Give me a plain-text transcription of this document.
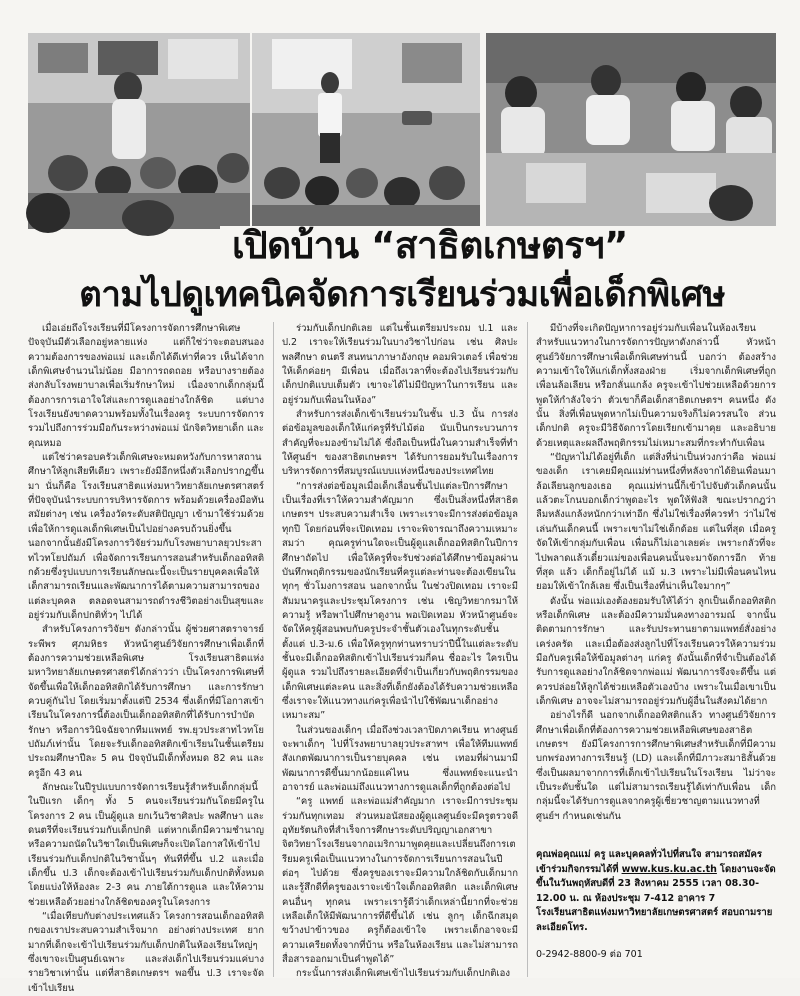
เปิดบ้าน “สาธิตเกษตรฯ”
ตามไปดูเทคนิคจัดการเรียนร่วมเพื่อเด็กพิเศษ

เมื่อเอ่ยถึงโรงเรียนที่มีโครงการจัดการศึกษาพิเศษ ปัจจุบันมีตัวเลือกอยู่หลายแห่ง แต่ก็ใช่ว่าจะตอบสนองความต้องการของพ่อแม่ และเด็กได้ดีเท่าที่ควร เห็นได้จากเด็กพิเศษจำนวนไม่น้อย มีอาการถดถอย หรือบางรายต้องส่งกลับโรงพยาบาลเพื่อเริ่มรักษาใหม่ เนื่องจากเด็กกลุ่มนี้ต้องการการเอาใจใส่และการดูแลอย่างใกล้ชิด แต่บางโรงเรียนยังขาดความพร้อมทั้งในเรื่องครู ระบบการจัดการ รวมไปถึงการร่วมมือกันระหว่างพ่อแม่ นักจิตวิทยาเด็ก และคุณหมอ

แต่ใช่ว่าครอบครัวเด็กพิเศษจะหมดหวังกับการหาสถานศึกษาให้ลูกเสียทีเดียว เพราะยังมีอีกหนึ่งตัวเลือกปรากฏขึ้นมา นั่นก็คือ โรงเรียนสาธิตแห่งมหาวิทยาลัยเกษตรศาสตร์ ที่ปัจจุบันนำระบบการบริหารจัดการ พร้อมด้วยเครื่องมือทันสมัยต่างๆ เช่น เครื่องวัดระดับสติปัญญา เข้ามาใช้ร่วมด้วยเพื่อให้การดูแลเด็กพิเศษเป็นไปอย่างครบถ้วนยิ่งขึ้น นอกจากนั้นยังมีโครงการวิจัยร่วมกับโรงพยาบาลยุวประสาทไวทโยปถัมภ์ เพื่อจัดการเรียนการสอนสำหรับเด็กออทิสติกด้วยซึ่งรูปแบบการเรียนลักษณะนี้จะเป็นรายบุคคลเพื่อให้เด็กสามารถเรียนและพัฒนาการได้ตามความสามารถของแต่ละบุคคล ตลอดจนสามารถดำรงชีวิตอย่างเป็นสุขและอยู่ร่วมกับเด็กปกติทั่วๆ ไปได้

สำหรับโครงการวิจัยฯ ดังกล่าวนั้น ผู้ช่วยศาสตราจารย์ระพีพร ศุภมหิธร หัวหน้าศูนย์วิจัยการศึกษาเพื่อเด็กที่ต้องการความช่วยเหลือพิเศษ โรงเรียนสาธิตแห่งมหาวิทยาลัยเกษตรศาสตร์ได้กล่าวว่า เป็นโครงการพิเศษที่จัดขึ้นเพื่อให้เด็กออทิสติกได้รับการศึกษา และการรักษาควบคู่กันไป โดยเริ่มมาตั้งแต่ปี 2534 ซึ่งเด็กที่มีโอกาสเข้าเรียนในโครงการนี้ต้องเป็นเด็กออทิสติกที่ได้รับการบำบัดรักษา หรือการวินิจฉัยจากทีมแพทย์ รพ.ยุวประสาทไวทโยปถัมภ์เท่านั้น โดยจะรับเด็กออทิสติกเข้าเรียนในชั้นเตรียมประถมศึกษาปีละ 5 คน ปัจจุบันมีเด็กทั้งหมด 82 คน และครูอีก 43 คน

ลักษณะในปีรูปแบบการจัดการเรียนรู้สำหรับเด็กกลุ่มนี้ในปีแรก เด็กๆ ทั้ง 5 คนจะเรียนร่วมกันโดยมีครูในโครงการ 2 คน เป็นผู้ดูแล ยกเว้นวิชาศิลปะ พลศึกษา และดนตรีที่จะเรียนร่วมกับเด็กปกติ แต่หากเด็กมีความชำนาญหรือความถนัดในวิชาใดเป็นพิเศษก็จะเปิดโอกาสให้เข้าไปเรียนร่วมกับเด็กปกติในวิชานั้นๆ ทันทีที่ขึ้น ป.2 และเมื่อเด็กขึ้น ป.3 เด็กจะต้องเข้าไปเรียนร่วมกับเด็กปกติทั้งหมด โดยแบ่งให้ห้องละ 2-3 คน ภายใต้การดูแล และให้ความช่วยเหลือด้วยอย่างใกล้ชิดของครูในโครงการ

“เมื่อเทียบกับต่างประเทศแล้ว โครงการสอนเด็กออทิสติกของเราประสบความสำเร็จมาก อย่างต่างประเทศ ยากมากที่เด็กจะเข้าไปเรียนร่วมกับเด็กปกติในห้องเรียนใหญ่ๆ ซึ่งเขาจะเป็นศูนย์เฉพาะ และส่งเด็กไปเรียนร่วมแค่บางรายวิชาเท่านั้น แต่ที่สาธิตเกษตรฯ พอขึ้น ป.3 เราจะจัดเข้าไปเรียน

ร่วมกับเด็กปกติเลย แต่ในชั้นเตรียมประถม ป.1 และ ป.2 เราจะให้เรียนร่วมในบางวิชาไปก่อน เช่น ศิลปะ พลศึกษา ดนตรี สนทนาภาษาอังกฤษ คอมพิวเตอร์ เพื่อช่วยให้เด็กค่อยๆ มีเพื่อน เมื่อถึงเวลาที่จะต้องไปเรียนร่วมกับเด็กปกติแบบเต็มตัว เขาจะได้ไม่มีปัญหาในการเรียน และอยู่ร่วมกับเพื่อนในห้อง”

สำหรับการส่งเด็กเข้าเรียนร่วมในชั้น ป.3 นั้น การส่งต่อข้อมูลของเด็กให้แก่ครูที่รับไม้ต่อ นับเป็นกระบวนการสำคัญที่จะมองข้ามไม่ได้ ซึ่งถือเป็นหนึ่งในความสำเร็จที่ทำให้ศูนย์ฯ ของสาธิตเกษตรฯ ได้รับการยอมรับในเรื่องการบริหารจัดการที่สมบูรณ์แบบแห่งหนึ่งของประเทศไทย

“การส่งต่อข้อมูลเมื่อเด็กเลื่อนชั้นไปแต่ละปีการศึกษาเป็นเรื่องที่เราให้ความสำคัญมาก ซึ่งเป็นสิ่งหนึ่งที่สาธิตเกษตรฯ ประสบความสำเร็จ เพราะเราจะมีการส่งต่อข้อมูลทุกปี โดยก่อนที่จะเปิดเทอม เราจะพิจารณาถึงความเหมาะสมว่า คุณครูท่านใดจะเป็นผู้ดูแลเด็กออทิสติกในปีการศึกษาถัดไป เพื่อให้ครูที่จะรับช่วงต่อได้ศึกษาข้อมูลผ่านบันทึกพฤติกรรมของนักเรียนที่ครูแต่ละท่านจะต้องเขียนในทุกๆ ชั่วโมงการสอน นอกจากนั้น ในช่วงปิดเทอม เราจะมีสัมมนาครูและประชุมโครงการ เช่น เชิญวิทยากรมาให้ความรู้ หรือพาไปศึกษาดูงาน พอเปิดเทอม หัวหน้าศูนย์จะจัดให้ครูผู้สอนพบกับครูประจำชั้นตัวเองในทุกระดับชั้นตั้งแต่ ป.3-ม.6 เพื่อให้ครูทุกท่านทราบว่าปีนี้ในแต่ละระดับชั้นจะมีเด็กออทิสติกเข้าไปเรียนร่วมกี่คน ชื่ออะไร ใครเป็นผู้ดูแล รวมไปถึงรายละเอียดที่จำเป็นเกี่ยวกับพฤติกรรมของเด็กพิเศษแต่ละคน และสิ่งที่เด็กยังต้องได้รับความช่วยเหลือ ซึ่งเราจะให้แนวทางแก่ครูเพื่อนำไปใช้พัฒนาเด็กอย่างเหมาะสม”

ในส่วนของเด็กๆ เมื่อถึงช่วงเวลาปิดภาคเรียน ทางศูนย์จะพาเด็กๆ ไปที่โรงพยาบาลยุวประสาทฯ เพื่อให้ทีมแพทย์สังเกตพัฒนาการเป็นรายบุคคล เช่น เทอมที่ผ่านมามีพัฒนาการดีขึ้นมากน้อยแค่ไหน ซึ่งแพทย์จะแนะนำอาจารย์ และพ่อแม่ถึงแนวทางการดูแลเด็กที่ถูกต้องต่อไป

“ครู แพทย์ และพ่อแม่สำคัญมาก เราจะมีการประชุมร่วมกันทุกเทอม ส่วนหมอนัสยองผู้ดูแลศูนย์จะมีครูตรวจดี อุทัยรัตนกิจที่สำเร็จการศึกษาระดับปริญญาเอกสาขาจิตวิทยาโรงเรียนจากอเมริกามาพูดคุยและเปลี่ยนถึงการเตรียมครูเพื่อเป็นแนวทางในการจัดการเรียนการสอนในปีต่อๆ ไปด้วย ซึ่งครูของเราจะมีความใกล้ชิดกับเด็กมาก และรู้สึกดีที่ครูของเราจะเข้าใจเด็กออทิสติก และเด็กพิเศษคนอื่นๆ ทุกคน เพราะเรารู้ดีว่าเด็กเหล่านี้ยากที่จะช่วยเหลือเด็กให้มีพัฒนาการที่ดีขึ้นได้ เช่น ลูกๆ เด็กฉีกสมุด ขว้างปาข้าวของ ครูก็ต้องเข้าใจ เพราะเด็กอาจจะมีความเครียดทั้งจากที่บ้าน หรือในห้องเรียน และไม่สามารถสื่อสารออกมาเป็นคำพูดได้”

กระนั้นการส่งเด็กพิเศษเข้าไปเรียนร่วมกับเด็กปกติเอง

มีบ้างที่จะเกิดปัญหาการอยู่ร่วมกับเพื่อนในห้องเรียน สำหรับแนวทางในการจัดการปัญหาดังกล่าวนี้ หัวหน้าศูนย์วิจัยการศึกษาเพื่อเด็กพิเศษท่านนี้ บอกว่า ต้องสร้างความเข้าใจให้แก่เด็กทั้งสองฝ่าย เริ่มจากเด็กพิเศษที่ถูกเพื่อนล้อเลียน หรือกลั่นแกล้ง ครูจะเข้าไปช่วยเหลือด้วยการพูดให้กำลังใจว่า ตัวเขาก็คือเด็กสาธิตเกษตรฯ คนหนึ่ง ดังนั้น สิ่งที่เพื่อนพูดหากไม่เป็นความจริงก็ไม่ควรสนใจ ส่วนเด็กปกติ ครูจะมีวิธีจัดการโดยเรียกเข้ามาคุย และอธิบายด้วยเหตุและผลถึงพฤติกรรมไม่เหมาะสมที่กระทำกับเพื่อน

“ปัญหาไม่ได้อยู่ที่เด็ก แต่สิ่งที่น่าเป็นห่วงกว่าคือ พ่อแม่ของเด็ก เราเคยมีคุณแม่ท่านหนึ่งที่หลังจากได้ยินเพื่อนมาล้อเลียนลูกของเธอ คุณแม่ท่านนี้ก็เข้าไปจับตัวเด็กคนนั้น แล้วตะโกนบอกเด็กว่าพูดอะไร พูดให้ฟังสิ ขณะปรากฎว่าลืมหลังแกล้งหนักกว่าเท่าอีก ซึ่งไม่ใช่เรื่องที่ควรทำ ว่าไม่ใช่เล่นกันเด็กคนนี้ เพราะเขาไม่ใช่เด็กด้อย แต่ในที่สุด เมื่อครูจัดให้เข้ากลุ่มกับเพื่อน เพื่อนก็ไม่เอาเลยค่ะ เพราะกลัวที่จะไปพลาดแล้วเดี๋ยวแม่ของเพื่อนคนนั้นจะมาจัดการอีก ท้ายที่สุด แล้ว เด็กก็อยู่ไม่ได้ แม้ ม.3 เพราะไม่มีเพื่อนคนไหนยอมให้เข้าใกล้เลย ซึ่งเป็นเรื่องที่น่าเห็นใจมากๆ”

ดังนั้น พ่อแม่เองต้องยอมรับให้ได้ว่า ลูกเป็นเด็กออทิสติก หรือเด็กพิเศษ และต้องมีความมั่นคงทางอารมณ์ จากนั้นติดตามการรักษา และรับประทานยาตามแพทย์สั่งอย่างเคร่งครัด และเมื่อต้องส่งลูกไปที่โรงเรียนควรให้ความร่วมมือกับครูเพื่อให้ข้อมูลต่างๆ แก่ครู ดังนั้นเด็กที่จำเป็นต้องได้รับการดูแลอย่างใกล้ชิดจากพ่อแม่ พัฒนาการจึงจะดีขึ้น แต่ควรปล่อยให้ลูกได้ช่วยเหลือตัวเองบ้าง เพราะในเมื่อเขาเป็นเด็กพิเศษ อาจจะไม่สามารถอยู่ร่วมกับผู้อื่นในสังคมได้ยาก

อย่างไรก็ดี นอกจากเด็กออทิสติกแล้ว ทางศูนย์วิจัยการศึกษาเพื่อเด็กที่ต้องการความช่วยเหลือพิเศษของสาธิตเกษตรฯ ยังมีโครงการการศึกษาพิเศษสำหรับเด็กที่มีความบกพร่องทางการเรียนรู้ (LD) และเด็กที่มีภาวะสมาธิสั้นด้วย ซึ่งเป็นผลมาจากการที่เด็กเข้าไปเรียนในโรงเรียน ไม่ว่าจะเป็นระดับชั้นใด แต่ไม่สามารถเรียนรู้ได้เท่ากับเพื่อน เด็กกลุ่มนี้จะได้รับการดูแลจากครูผู้เชี่ยวชาญตามแนวทางที่ศูนย์ฯ กำหนดเช่นกัน

คุณพ่อคุณแม่ ครู และบุคคลทั่วไปที่สนใจ สามารถสมัครเข้าร่วมกิจกรรมได้ที่ www.kus.ku.ac.th โดยงานจะจัดขึ้นในวันพฤหัสบดีที่ 23 สิงหาคม 2555 เวลา 08.30-12.00 น. ณ ห้องประชุม 7-412 อาคาร 7 โรงเรียนสาธิตแห่งมหาวิทยาลัยเกษตรศาสตร์ สอบถามรายละเอียดโทร.
0-2942-8800-9 ต่อ 701
